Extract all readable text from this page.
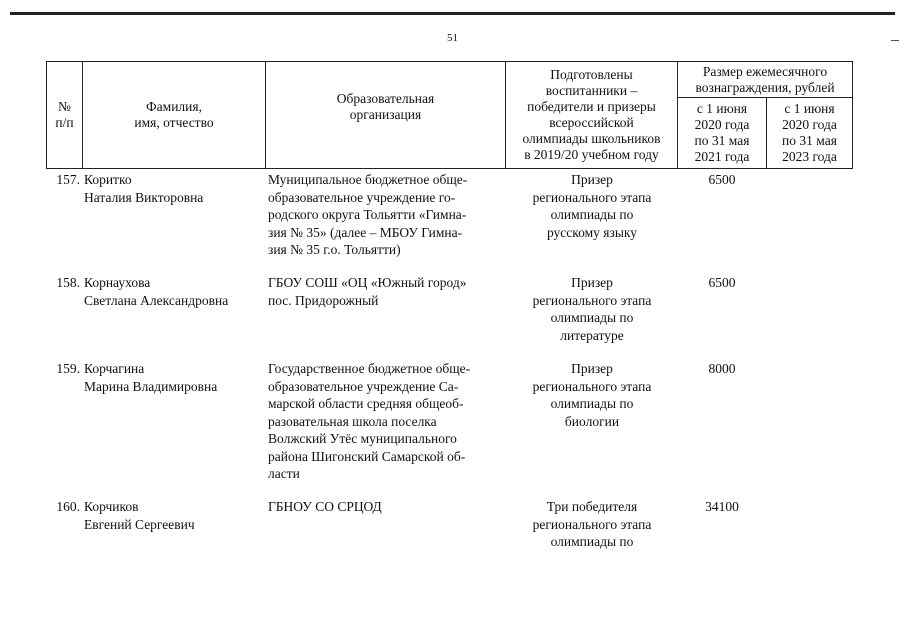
51
№
п/п
Фамилия,
имя, отчество
Образовательная
организация
Подготовлены
воспитанники –
победители и призеры
всероссийской
олимпиады школьников
в 2019/20 учебном году
Размер ежемесячного
вознаграждения, рублей
с 1 июня
2020 года
по 31 мая
2021 года
с 1 июня
2020 года
по 31 мая
2023 года
157. Коритко
Наталия Викторовна
Муниципальное бюджетное обще-
образовательное учреждение го-
родского округа Тольятти «Гимна-
зия № 35» (далее – МБОУ Гимна-
зия № 35 г.о. Тольятти)
Призер
регионального этапа
олимпиады по
русскому языку
6500
158. Корнаухова
Светлана Александровна
ГБОУ СОШ «ОЦ «Южный город»
пос. Придорожный
Призер
регионального этапа
олимпиады по
литературе
6500
159. Корчагина
Марина Владимировна
Государственное бюджетное обще-
образовательное учреждение Са-
марской области средняя общеоб-
разовательная школа поселка
Волжский Утёс муниципального
района Шигонский Самарской об-
ласти
Призер
регионального этапа
олимпиады по
биологии
8000
160. Корчиков
Евгений Сергеевич
ГБНОУ СО СРЦОД	Три победителя
регионального этапа
олимпиады по
34100
